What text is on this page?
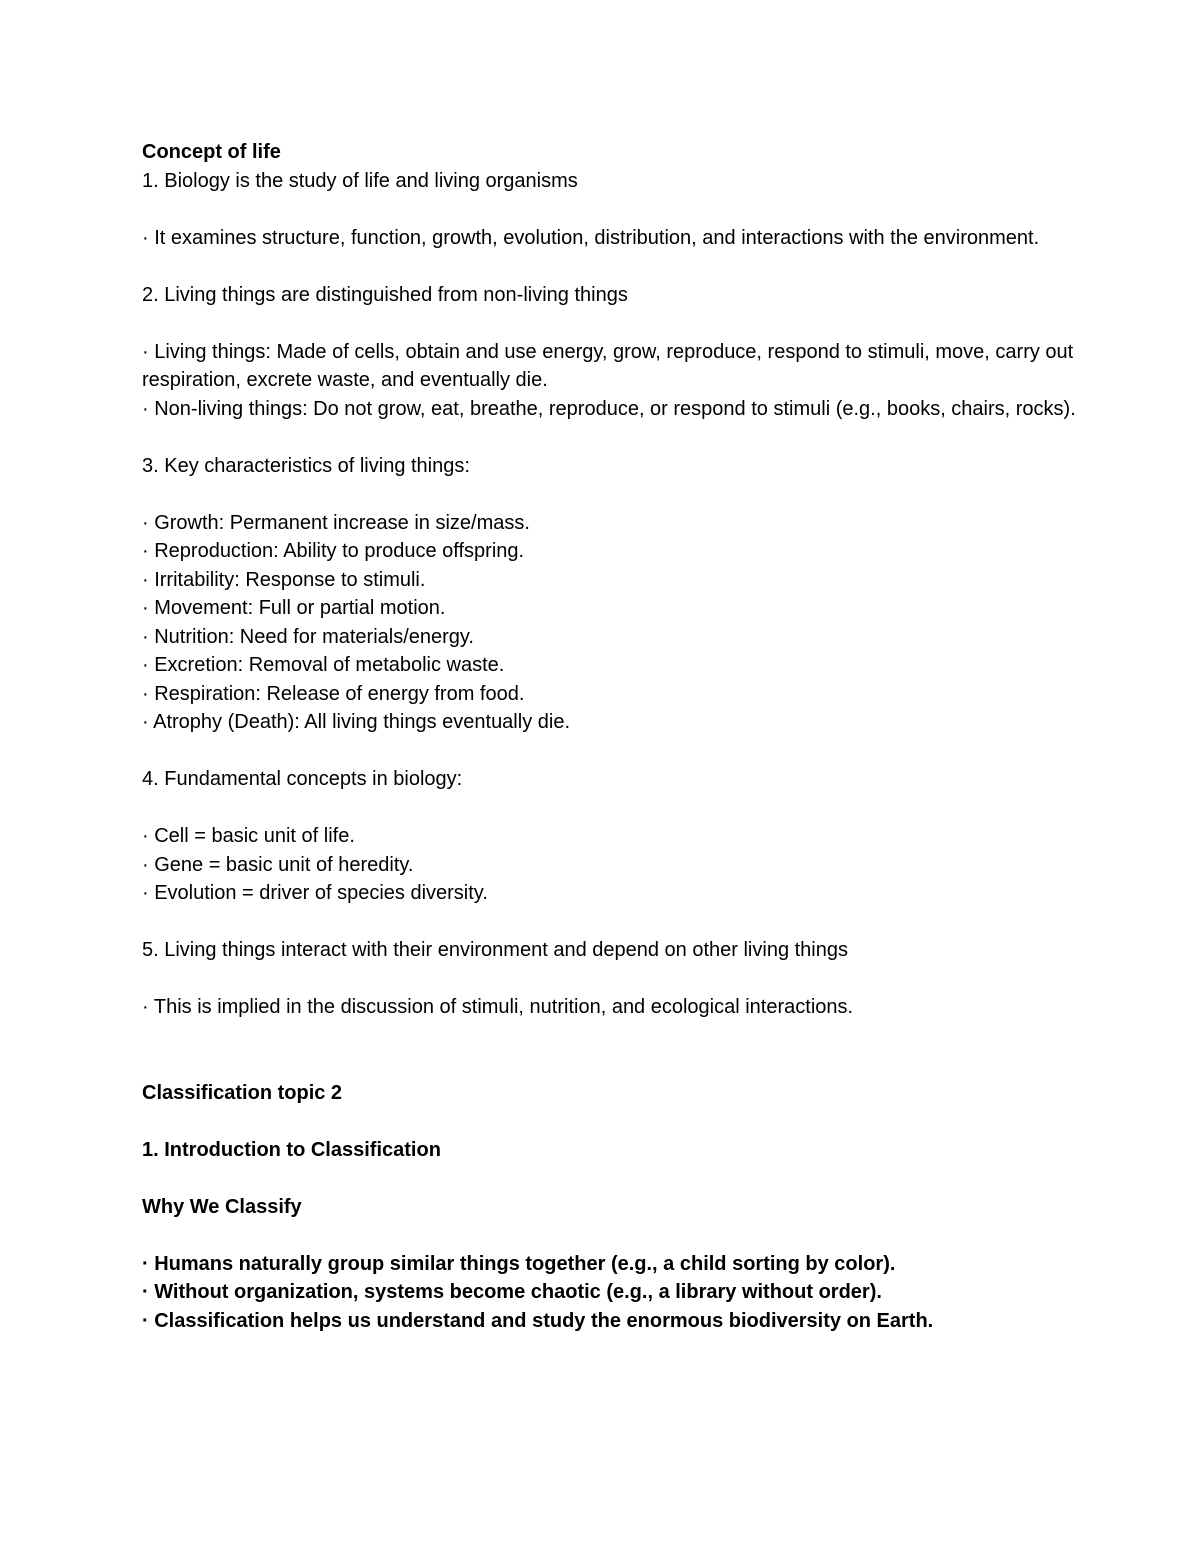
Concept of life

1. Biology is the study of life and living organisms

· It examines structure, function, growth, evolution, distribution, and interactions with the environment.

2. Living things are distinguished from non-living things

· Living things: Made of cells, obtain and use energy, grow, reproduce, respond to stimuli, move, carry out respiration, excrete waste, and eventually die.

· Non-living things: Do not grow, eat, breathe, reproduce, or respond to stimuli (e.g., books, chairs, rocks).

3. Key characteristics of living things:

· Growth: Permanent increase in size/mass.

· Reproduction: Ability to produce offspring.

· Irritability: Response to stimuli.

· Movement: Full or partial motion.

· Nutrition: Need for materials/energy.

· Excretion: Removal of metabolic waste.

· Respiration: Release of energy from food.

· Atrophy (Death): All living things eventually die.

4. Fundamental concepts in biology:

· Cell = basic unit of life.

· Gene = basic unit of heredity.

· Evolution = driver of species diversity.

5. Living things interact with their environment and depend on other living things

· This is implied in the discussion of stimuli, nutrition, and ecological interactions.

Classification topic 2

1. Introduction to Classification

Why We Classify

· Humans naturally group similar things together (e.g., a child sorting by color).

· Without organization, systems become chaotic (e.g., a library without order).

· Classification helps us understand and study the enormous biodiversity on Earth.
